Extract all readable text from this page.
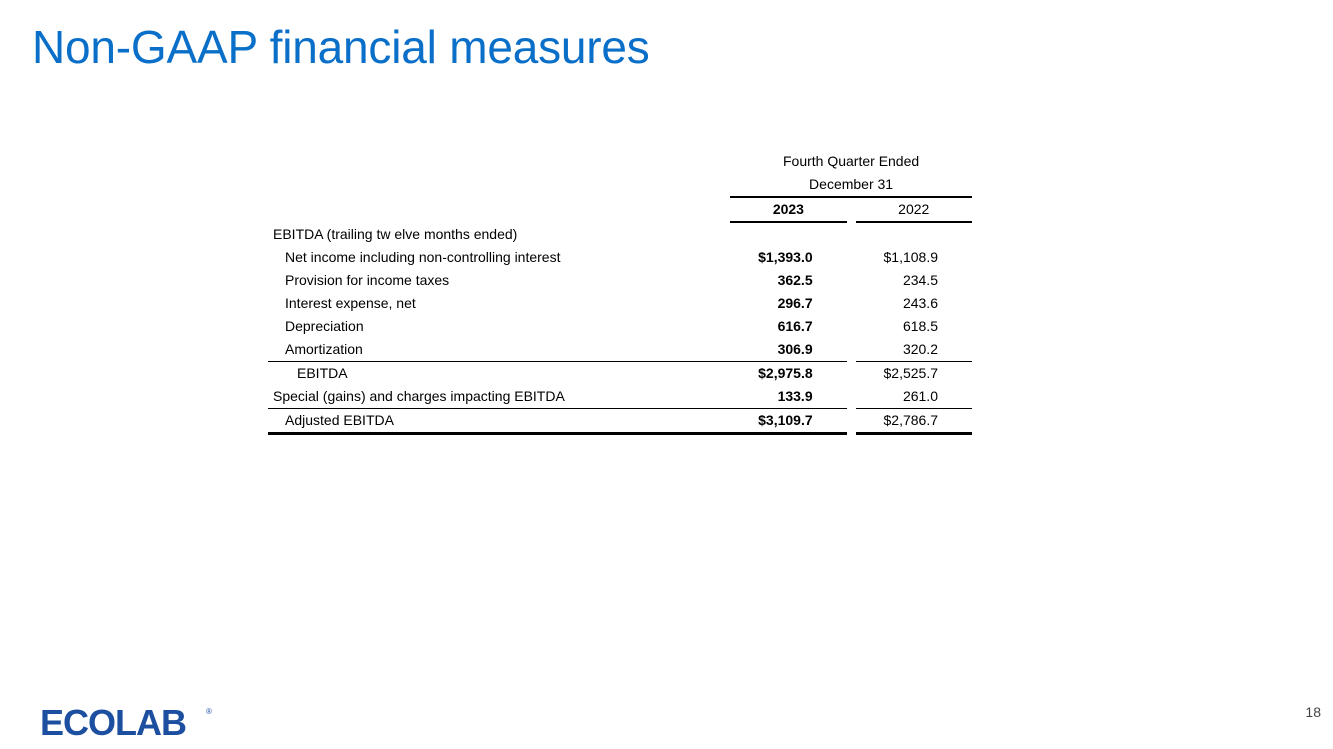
Non-GAAP financial measures
	Fourth Quarter Ended		
	December 31		
	2023		2022
EBITDA (trailing tw elve months ended)			
Net income including non-controlling interest	$1,393.0		$1,108.9
Provision for income taxes	362.5		234.5
Interest expense, net	296.7		243.6
Depreciation	616.7		618.5
Amortization	306.9		320.2
EBITDA	$2,975.8		$2,525.7
Special (gains) and charges impacting EBITDA	133.9		261.0
Adjusted EBITDA	$3,109.7		$2,786.7
ECOLAB	®	18
